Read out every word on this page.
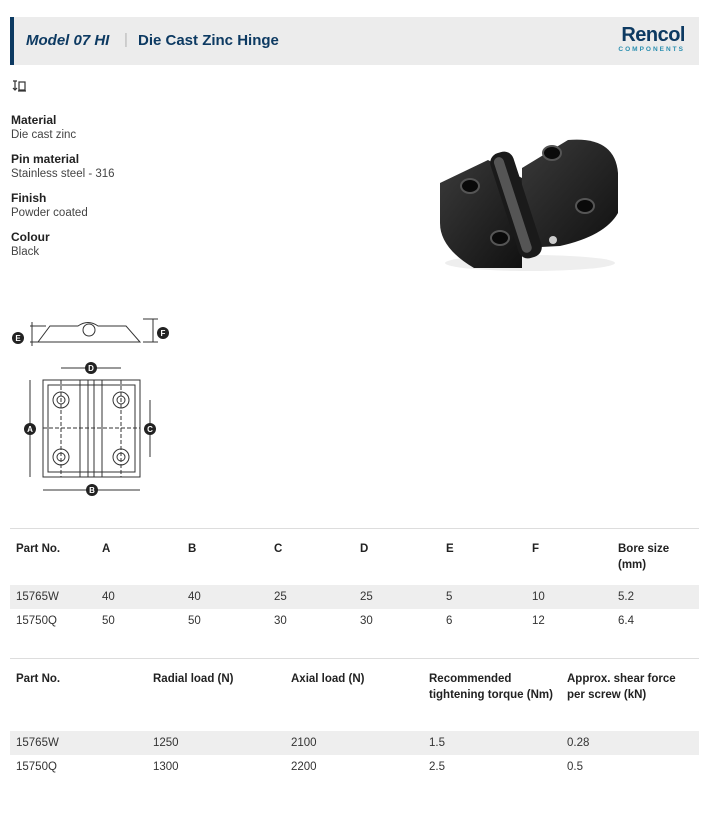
Model 07 HI | Die Cast Zinc Hinge	Rencol
COMPONENTS
Material
Die cast zinc
Pin material
Stainless steel - 316
Finish
Powder coated
Colour
Black
E
F
A
B
D
C
Part No.	A	B	C	D	E	F	Bore size (mm)
15765W	40	40	25	25	5	10	5.2
15750Q	50	50	30	30	6	12	6.4
Part No.	Radial load (N)	Axial load (N)	Recommended tightening torque (Nm)	Approx. shear force per screw (kN)
15765W	1250	2100	1.5	0.28
15750Q	1300	2200	2.5	0.5
